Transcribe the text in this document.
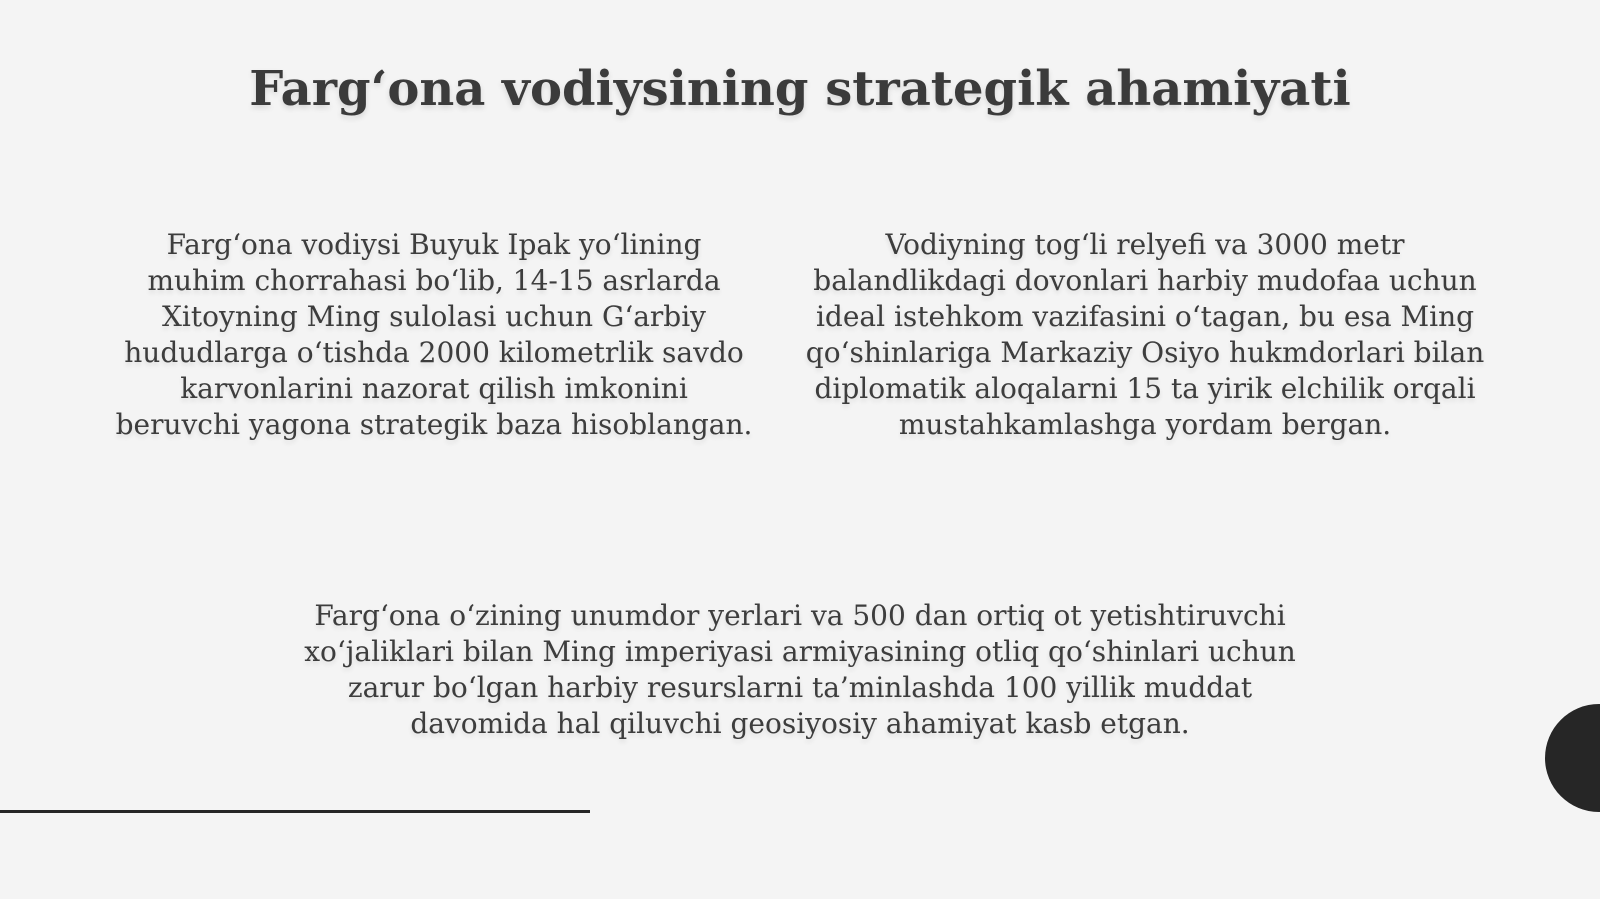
Farg‘ona vodiysining strategik ahamiyati

Farg‘ona vodiysi Buyuk Ipak yo‘lining
muhim chorrahasi bo‘lib, 14-15 asrlarda
Xitoyning Ming sulolasi uchun G‘arbiy
hududlarga o‘tishda 2000 kilometrlik savdo
karvonlarini nazorat qilish imkonini
beruvchi yagona strategik baza hisoblangan.

Vodiyning tog‘li relyefi va 3000 metr
balandlikdagi dovonlari harbiy mudofaa uchun
ideal istehkom vazifasini o‘tagan, bu esa Ming
qo‘shinlariga Markaziy Osiyo hukmdorlari bilan
diplomatik aloqalarni 15 ta yirik elchilik orqali
mustahkamlashga yordam bergan.

Farg‘ona o‘zining unumdor yerlari va 500 dan ortiq ot yetishtiruvchi
xo‘jaliklari bilan Ming imperiyasi armiyasining otliq qo‘shinlari uchun
zarur bo‘lgan harbiy resurslarni ta’minlashda 100 yillik muddat
davomida hal qiluvchi geosiyosiy ahamiyat kasb etgan.
